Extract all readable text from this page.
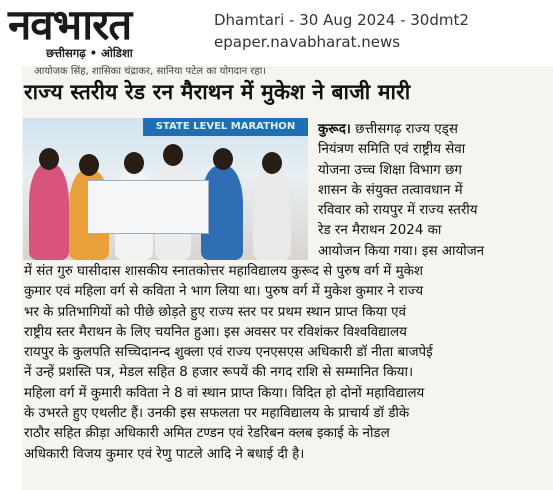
नवभारत
छत्तीसगढ़ • ओडिशा
Dhamtari - 30 Aug 2024 - 30dmt2
epaper.navabharat.news
आयोजक सिंह, शासिका चंद्राकर, सानिया पटेल का योगदान रहा।
राज्य स्तरीय रेड रन मैराथन में मुकेश ने बाजी मारी
STATE LEVEL MARATHON	कुरूद। छत्तीसगढ़ राज्य एड्स
नियंत्रण समिति एवं राष्ट्रीय सेवा
योजना उच्च शिक्षा विभाग छग
शासन के संयुक्त तत्वावधान में
रविवार को रायपुर में राज्य स्तरीय
रेड रन मैराथन 2024 का
आयोजन किया गया। इस आयोजन
में संत गुरु घासीदास शासकीय स्नातकोत्तर महाविद्यालय कुरूद से पुरुष वर्ग में मुकेश
कुमार एवं महिला वर्ग से कविता ने भाग लिया था। पुरुष वर्ग में मुकेश कुमार ने राज्य
भर के प्रतिभागियों को पीछे छोड़ते हुए राज्य स्तर पर प्रथम स्थान प्राप्त किया एवं
राष्ट्रीय स्तर मैराथन के लिए चयनित हुआ। इस अवसर पर रविशंकर विश्वविद्यालय
रायपुर के कुलपति सच्चिदानन्द शुक्ला एवं राज्य एनएसएस अधिकारी डॉ नीता बाजपेई
नें उन्हें प्रशस्ति पत्र, मेडल सहित 8 हजार रूपयें की नगद राशि से सम्मानित किया।
महिला वर्ग में कुमारी कविता ने 8 वां स्थान प्राप्त किया। विदित हो दोनों महाविद्यालय
के उभरते हुए एथलीट हैं। उनकी इस सफलता पर महाविद्यालय के प्राचार्य डॉ डीके
राठौर सहित क्रीड़ा अधिकारी अमित टण्डन एवं रेडरिबन क्लब इकाई के नोडल
अधिकारी विजय कुमार एवं रेणु पाटले आदि ने बधाई दी है।
